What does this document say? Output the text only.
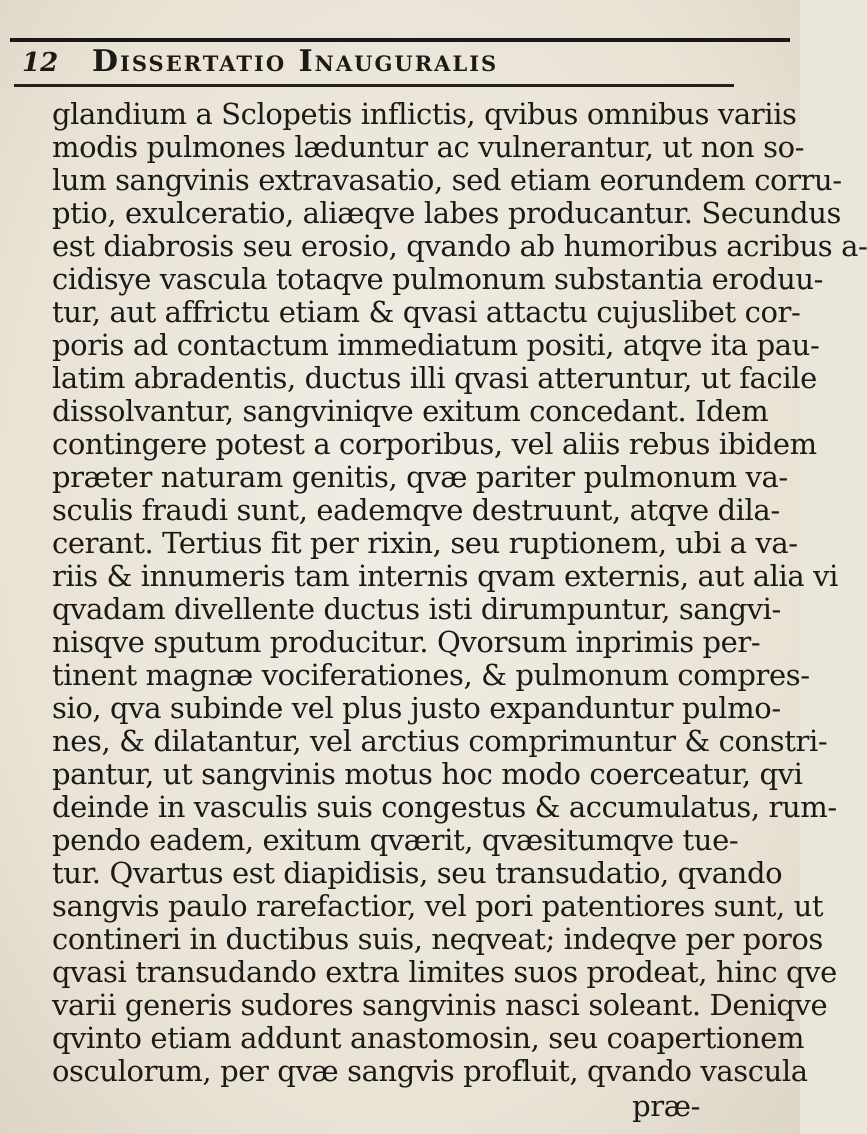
12 Dissertatio Inauguralis
glandium a Sclopetis inflictis, qvibus omnibus variis
modis pulmones læduntur ac vulnerantur, ut non so-
lum sangvinis extravasatio, sed etiam eorundem corru-
ptio, exulceratio, aliæqve labes producantur. Secundus
est diabrosis seu erosio, qvando ab humoribus acribus a-
cidisye vascula totaqve pulmonum substantia eroduu-
tur, aut affrictu etiam & qvasi attactu cujuslibet cor-
poris ad contactum immediatum positi, atqve ita pau-
latim abradentis, ductus illi qvasi atteruntur, ut facile
dissolvantur, sangviniqve exitum concedant. Idem
contingere potest a corporibus, vel aliis rebus ibidem
præter naturam genitis, qvæ pariter pulmonum va-
sculis fraudi sunt, eademqve destruunt, atqve dila-
cerant. Tertius fit per rixin, seu ruptionem, ubi a va-
riis & innumeris tam internis qvam externis, aut alia vi
qvadam divellente ductus isti dirumpuntur, sangvi-
nisqve sputum producitur. Qvorsum inprimis per-
tinent magnæ vociferationes, & pulmonum compres-
sio, qva subinde vel plus justo expanduntur pulmo-
nes, & dilatantur, vel arctius comprimuntur & constri-
pantur, ut sangvinis motus hoc modo coerceatur, qvi
deinde in vasculis suis congestus & accumulatus, rum-
pendo eadem, exitum qværit, qvæsitumqve tue-
tur. Qvartus est diapidisis, seu transudatio, qvando
sangvis paulo rarefactior, vel pori patentiores sunt, ut
contineri in ductibus suis, neqveat; indeqve per poros
qvasi transudando extra limites suos prodeat, hinc qve
varii generis sudores sangvinis nasci soleant. Deniqve
qvinto etiam addunt anastomosin, seu coapertionem
osculorum, per qvæ sangvis profluit, qvando vascula
præ-
